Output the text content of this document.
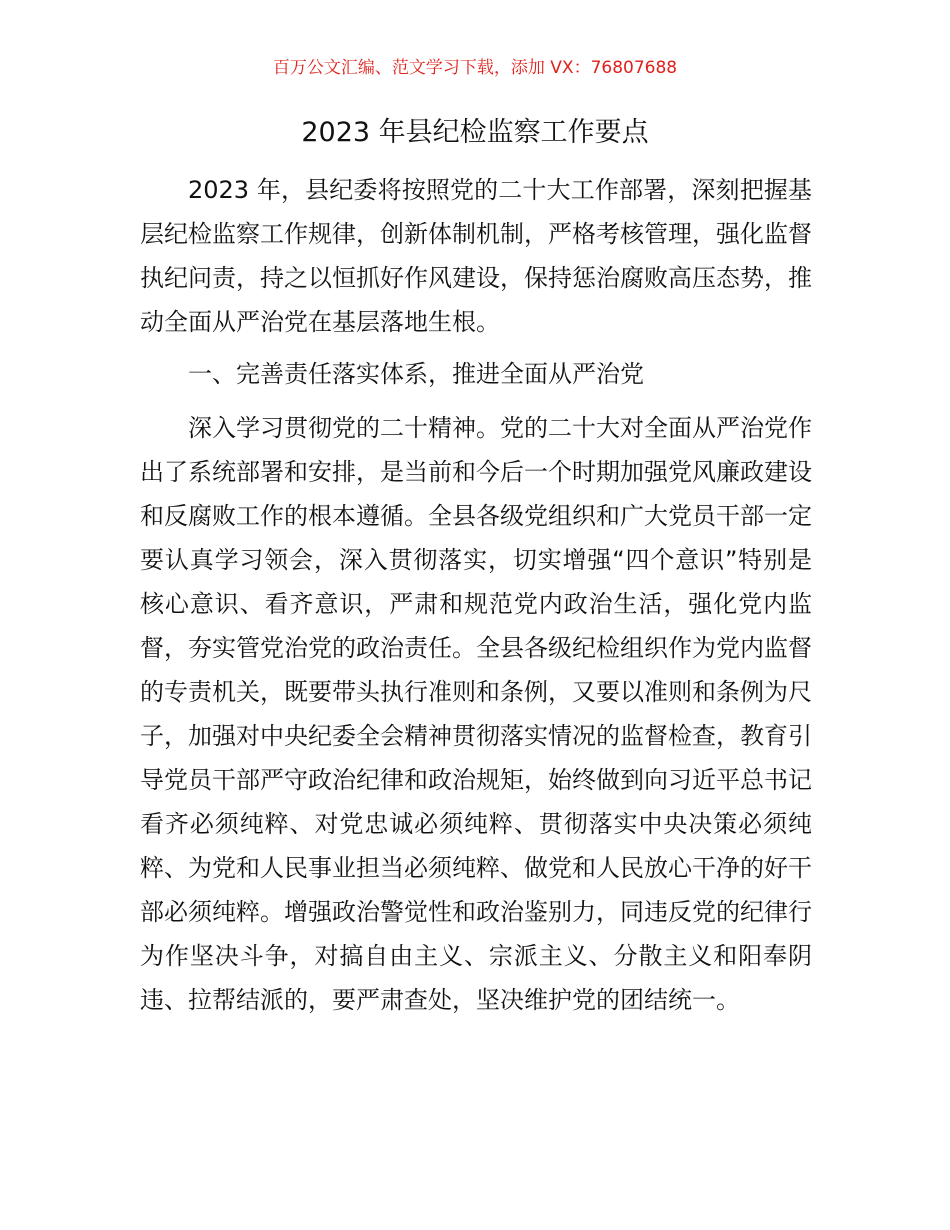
百万公文汇编、范文学习下载，添加 VX：76807688
2023 年县纪检监察工作要点

2023 年，县纪委将按照党的二十大工作部署，深刻把握基层纪检监察工作规律，创新体制机制，严格考核管理，强化监督执纪问责，持之以恒抓好作风建设，保持惩治腐败高压态势，推动全面从严治党在基层落地生根。

一、完善责任落实体系，推进全面从严治党

深入学习贯彻党的二十精神。党的二十大对全面从严治党作出了系统部署和安排，是当前和今后一个时期加强党风廉政建设和反腐败工作的根本遵循。全县各级党组织和广大党员干部一定要认真学习领会，深入贯彻落实，切实增强“四个意识”特别是核心意识、看齐意识，严肃和规范党内政治生活，强化党内监督，夯实管党治党的政治责任。全县各级纪检组织作为党内监督的专责机关，既要带头执行准则和条例，又要以准则和条例为尺子，加强对中央纪委全会精神贯彻落实情况的监督检查，教育引导党员干部严守政治纪律和政治规矩，始终做到向习近平总书记看齐必须纯粹、对党忠诚必须纯粹、贯彻落实中央决策必须纯粹、为党和人民事业担当必须纯粹、做党和人民放心干净的好干部必须纯粹。增强政治警觉性和政治鉴别力，同违反党的纪律行为作坚决斗争，对搞自由主义、宗派主义、分散主义和阳奉阴违、拉帮结派的，要严肃查处，坚决维护党的团结统一。
